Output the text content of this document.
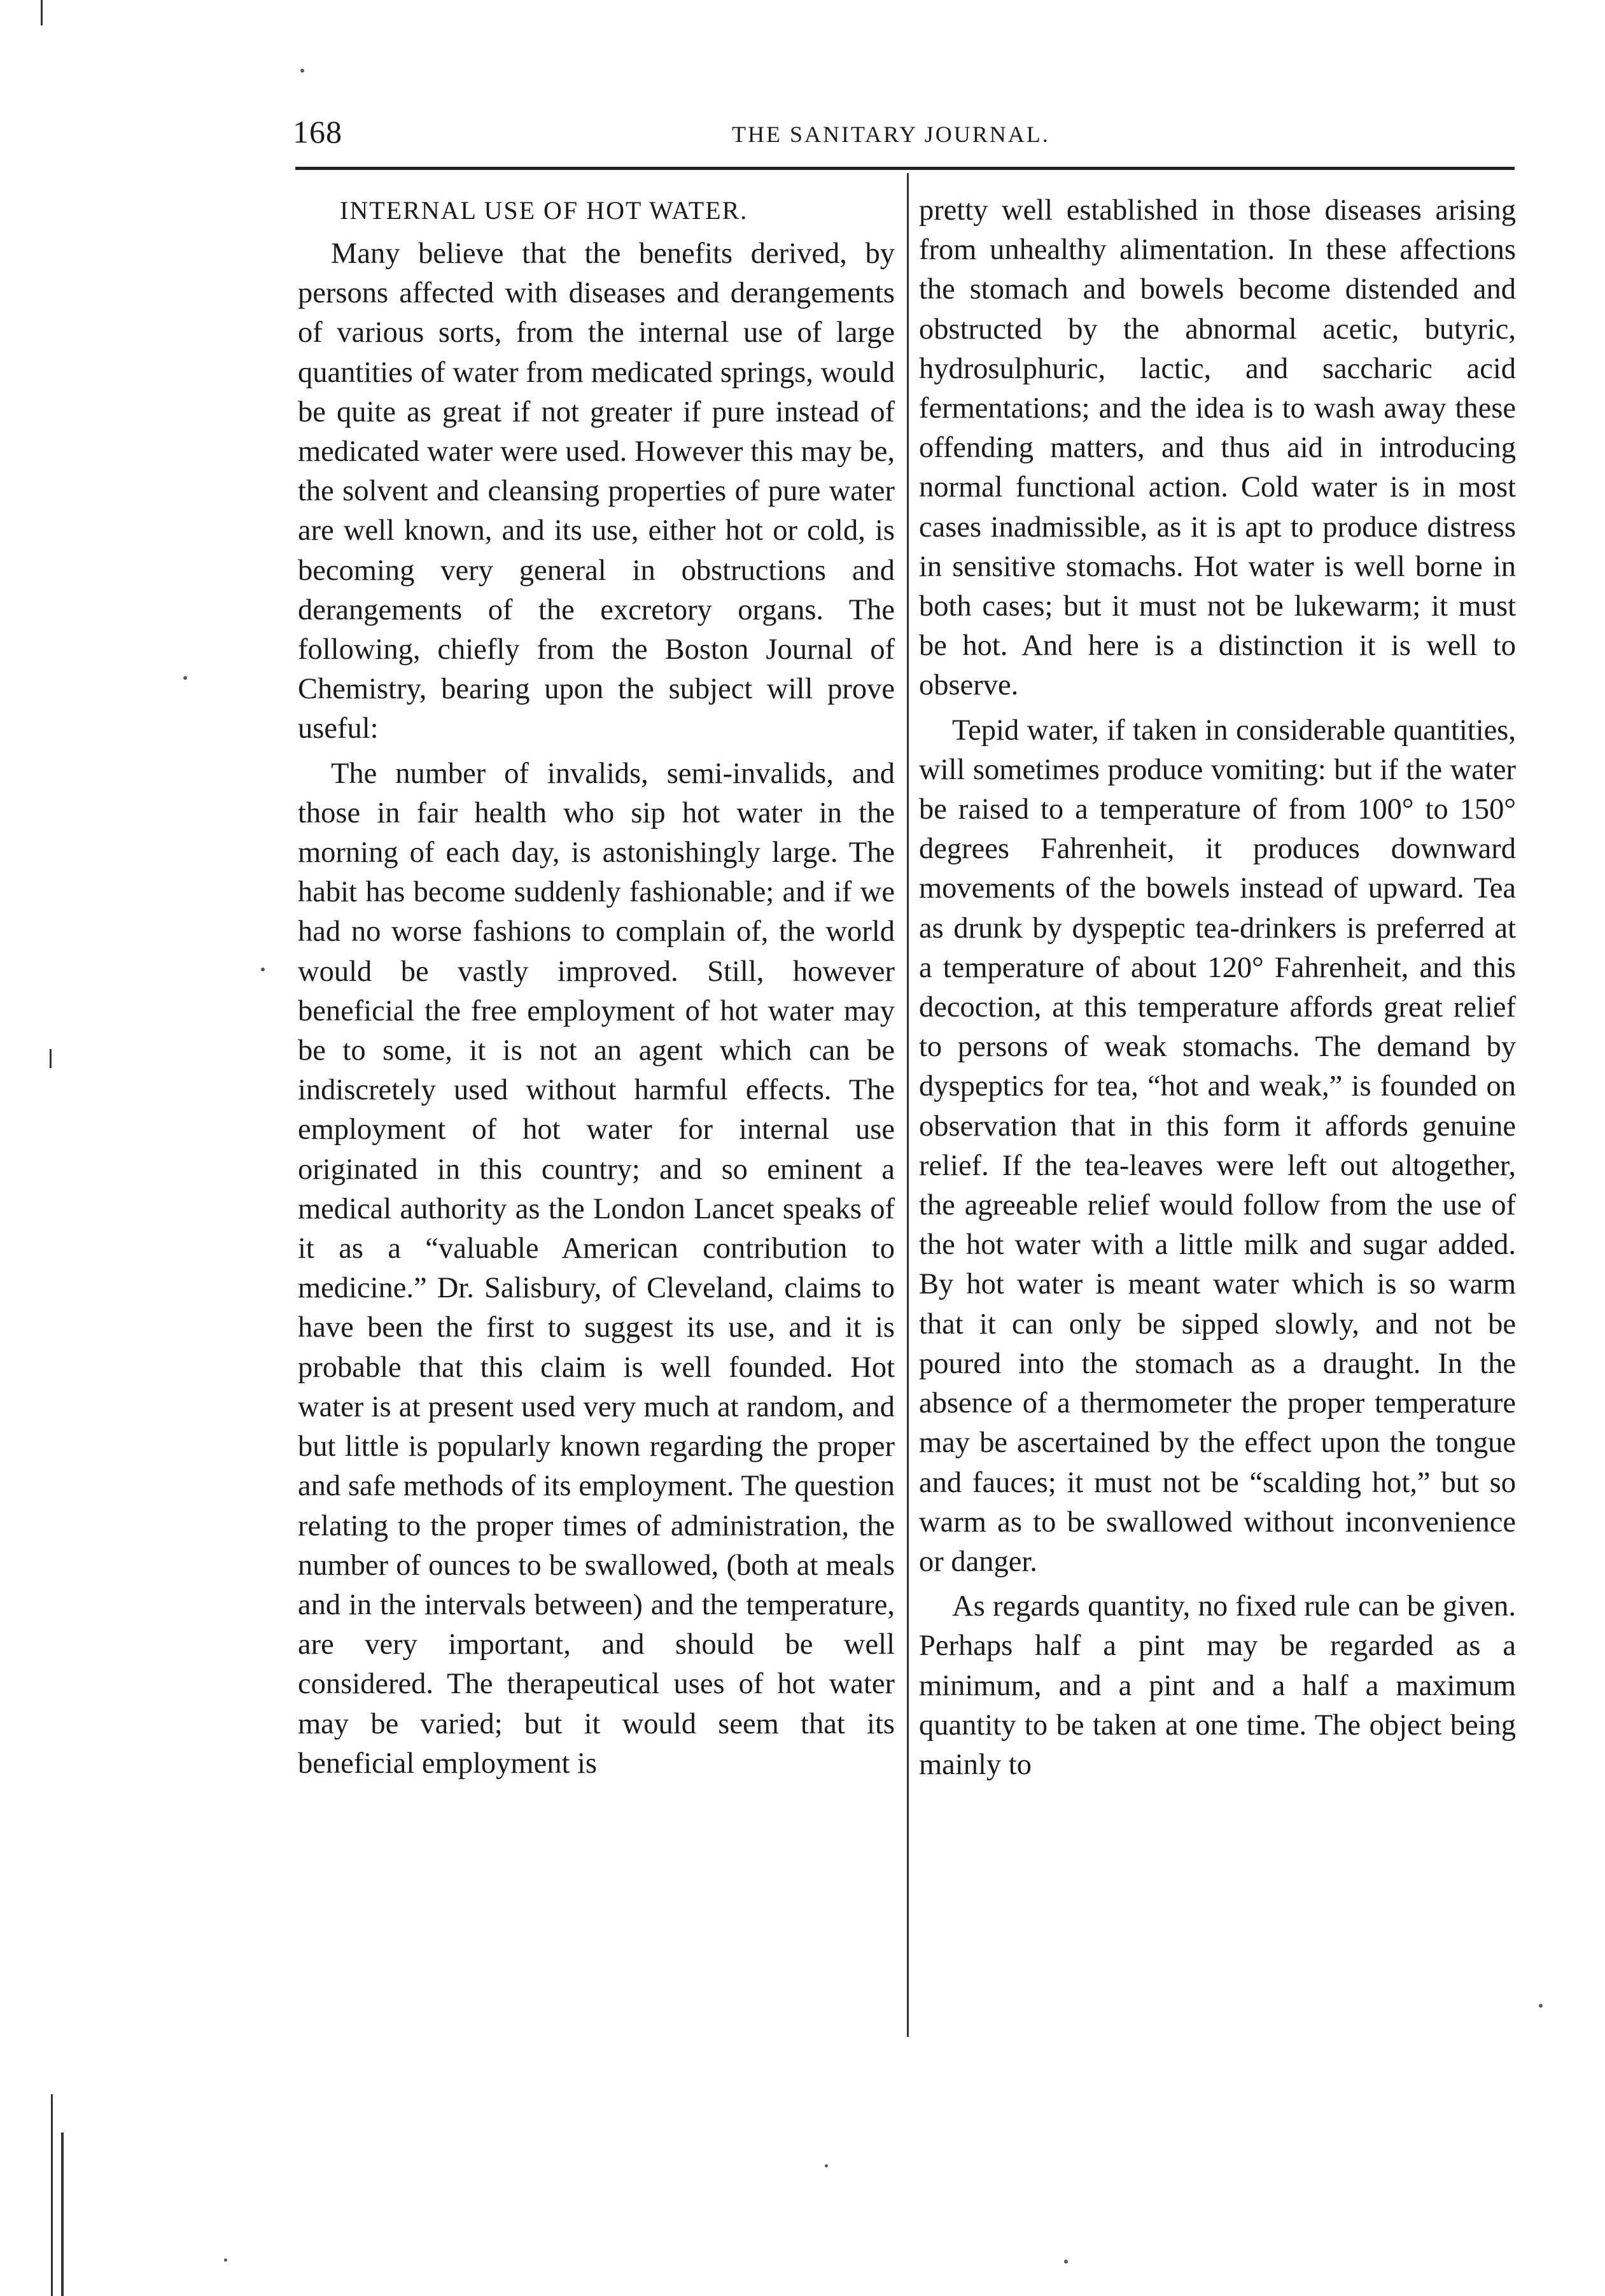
168	THE SANITARY JOURNAL.
INTERNAL USE OF HOT WATER.

Many believe that the benefits derived, by persons affected with diseases and derangements of various sorts, from the internal use of large quantities of water from medicated springs, would be quite as great if not greater if pure instead of medicated water were used. However this may be, the solvent and cleansing properties of pure water are well known, and its use, either hot or cold, is becoming very general in obstructions and derangements of the excretory organs. The following, chiefly from the Boston Journal of Chemistry, bearing upon the subject will prove useful:

The number of invalids, semi-invalids, and those in fair health who sip hot water in the morning of each day, is astonishingly large. The habit has become suddenly fashionable; and if we had no worse fashions to complain of, the world would be vastly improved. Still, however beneficial the free employment of hot water may be to some, it is not an agent which can be indiscretely used without harmful effects. The employment of hot water for internal use originated in this country; and so eminent a medical authority as the London Lancet speaks of it as a “valuable American contribution to medicine.” Dr. Salisbury, of Cleveland, claims to have been the first to suggest its use, and it is probable that this claim is well founded. Hot water is at present used very much at random, and but little is popularly known regarding the proper and safe methods of its employment. The question relating to the proper times of administration, the number of ounces to be swallowed, (both at meals and in the intervals between) and the temperature, are very important, and should be well considered. The therapeutical uses of hot water may be varied; but it would seem that its beneficial employment is

pretty well established in those diseases arising from unhealthy alimentation. In these affections the stomach and bowels become distended and obstructed by the abnormal acetic, butyric, hydrosulphuric, lactic, and saccharic acid fermentations; and the idea is to wash away these offending matters, and thus aid in introducing normal functional action. Cold water is in most cases inadmissible, as it is apt to produce distress in sensitive stomachs. Hot water is well borne in both cases; but it must not be lukewarm; it must be hot. And here is a distinction it is well to observe.

Tepid water, if taken in considerable quantities, will sometimes produce vomiting: but if the water be raised to a temperature of from 100° to 150° degrees Fahrenheit, it produces downward movements of the bowels instead of upward. Tea as drunk by dyspeptic tea-drinkers is preferred at a temperature of about 120° Fahrenheit, and this decoction, at this temperature affords great relief to persons of weak stomachs. The demand by dyspeptics for tea, “hot and weak,” is founded on observation that in this form it affords genuine relief. If the tea-leaves were left out altogether, the agreeable relief would follow from the use of the hot water with a little milk and sugar added. By hot water is meant water which is so warm that it can only be sipped slowly, and not be poured into the stomach as a draught. In the absence of a thermometer the proper temperature may be ascertained by the effect upon the tongue and fauces; it must not be “scalding hot,” but so warm as to be swallowed without inconvenience or danger.

As regards quantity, no fixed rule can be given. Perhaps half a pint may be regarded as a minimum, and a pint and a half a maximum quantity to be taken at one time. The object being mainly to
